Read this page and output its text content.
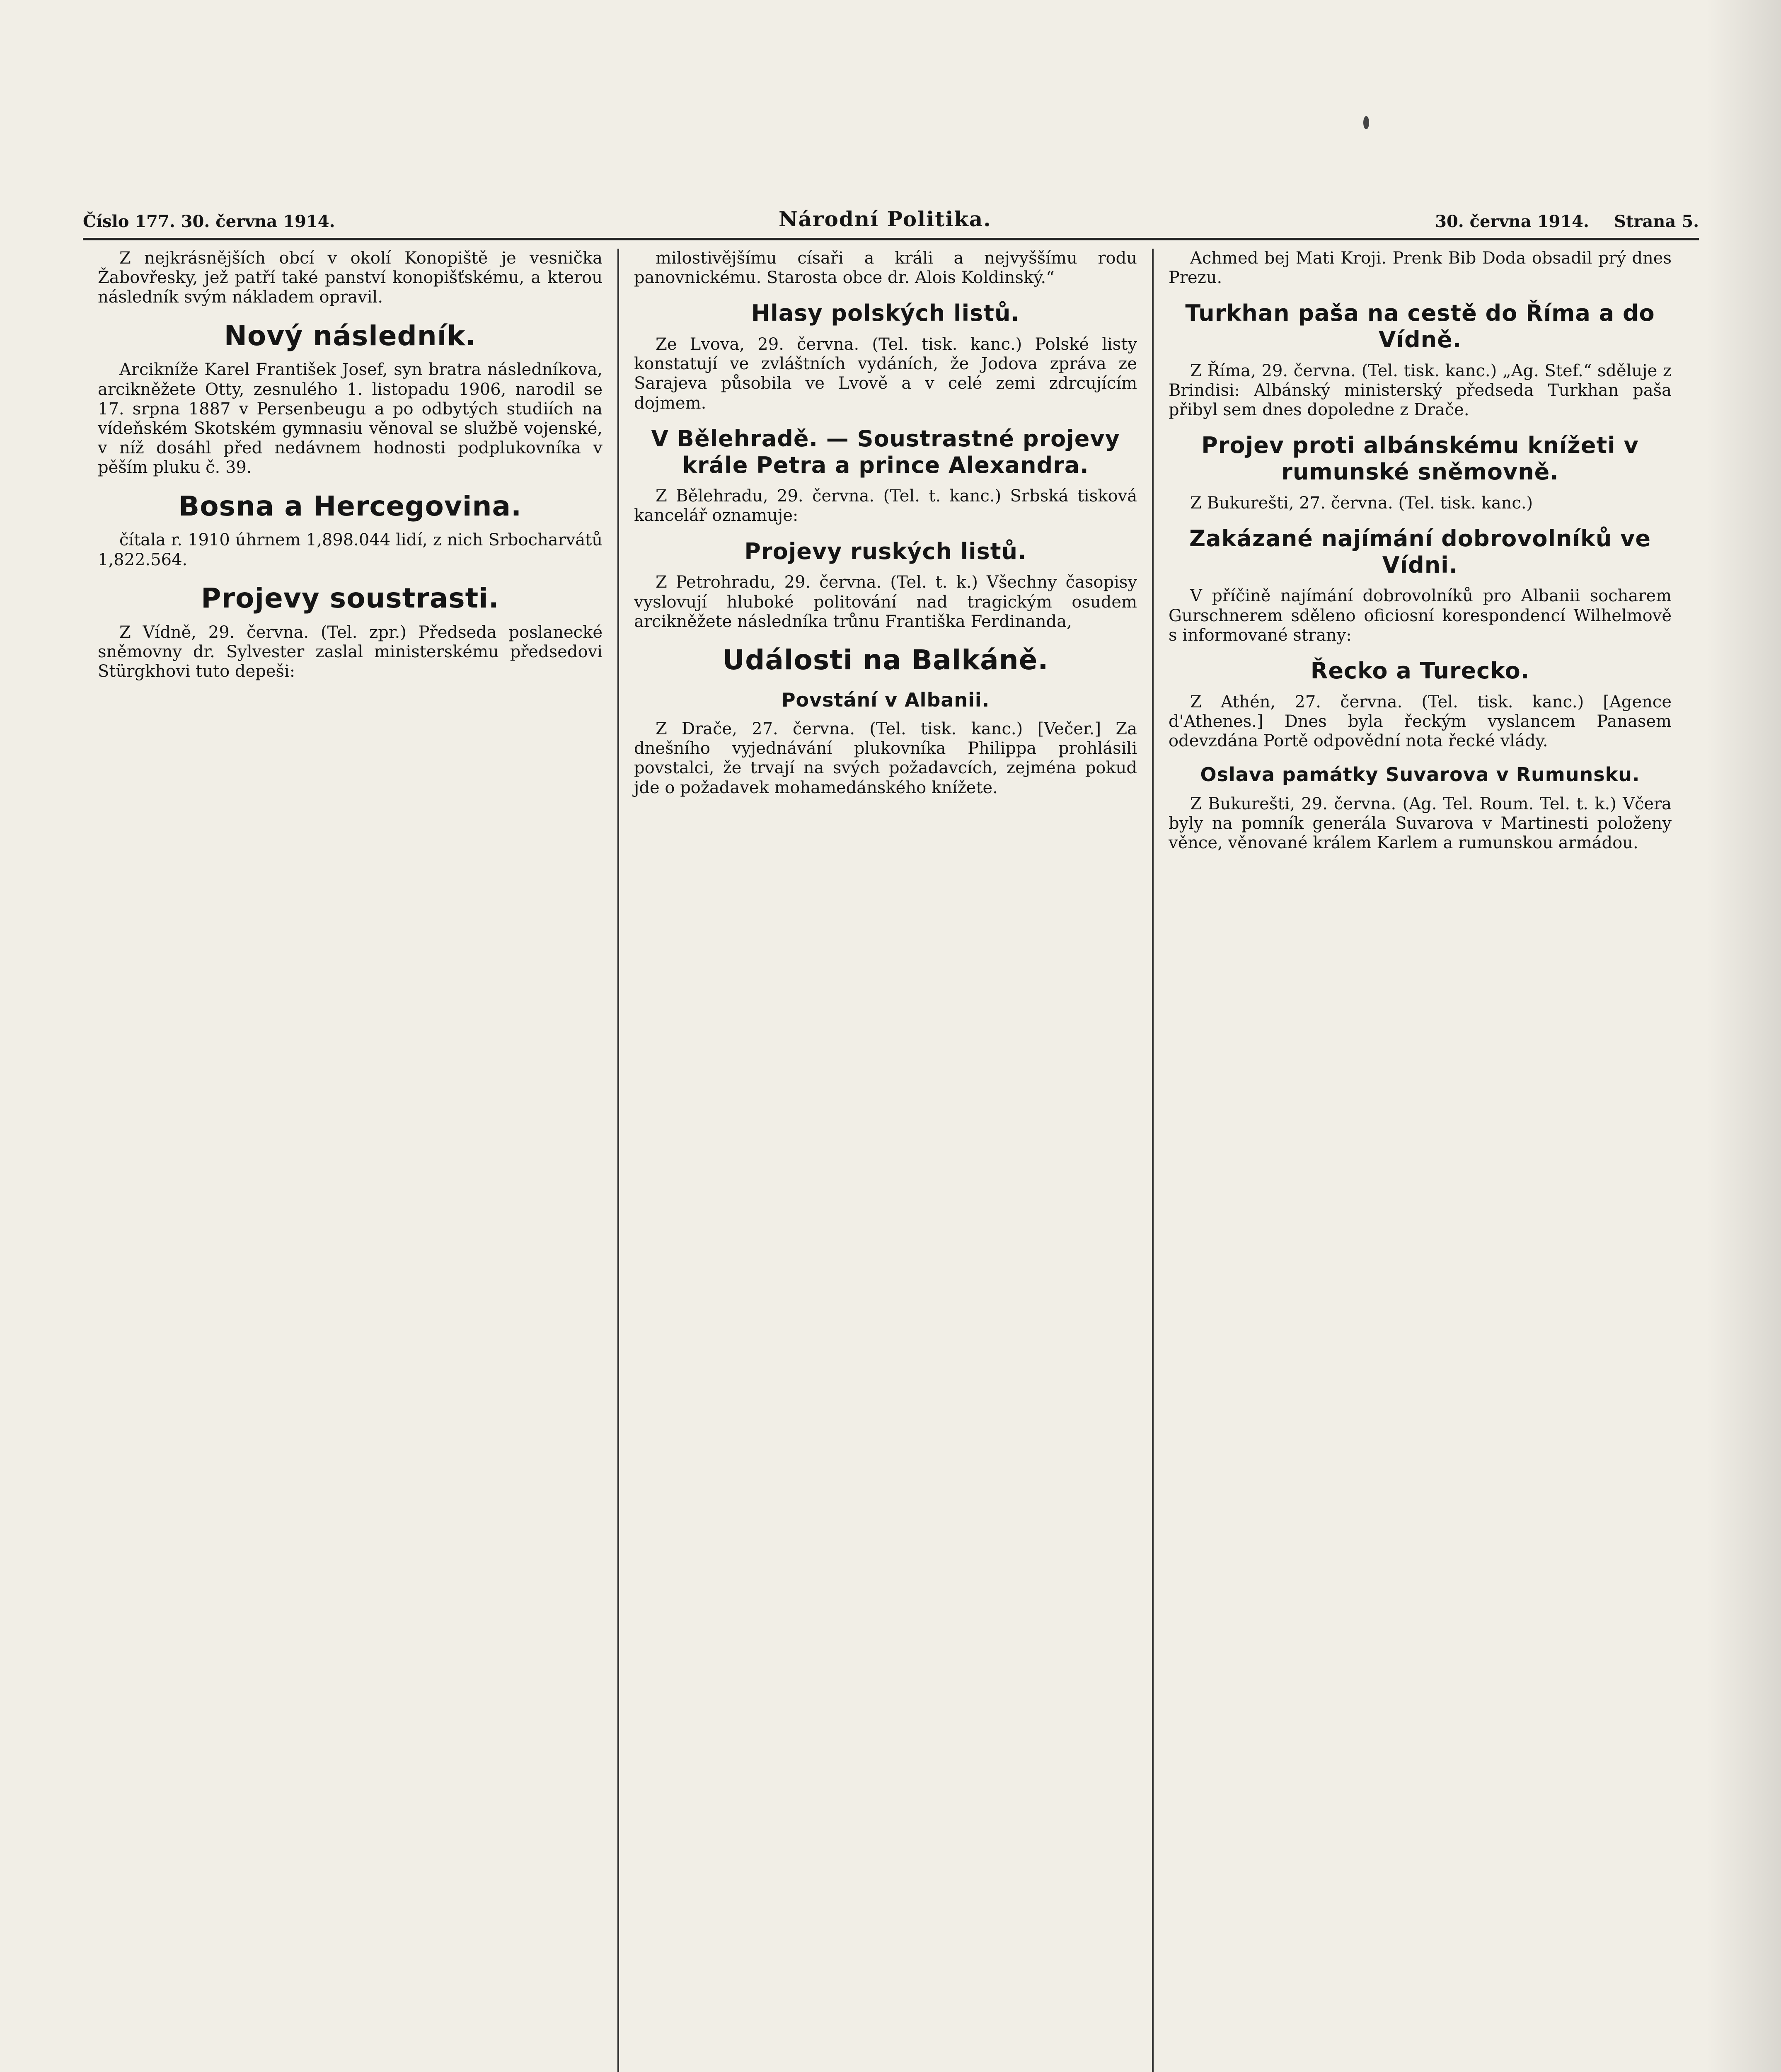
Číslo 177. 30. června 1914.	Národní Politika.	30. června 1914. Strana 5.

Z nejkrásnějších obcí v okolí Konopiště je vesnička Žabovřesky, jež patří také panství konopišťskému, a kterou následník svým nákladem opravil.

Nový následník.

Arcikníže Karel František Josef, syn bratra následníkova, arcikněžete Otty, zesnulého 1. listopadu 1906, narodil se 17. srpna 1887 v Persenbeugu a po odbytých studiích na vídeňském Skotském gymnasiu věnoval se službě vojenské, v níž dosáhl před nedávnem hodnosti podplukovníka v pěším pluku č. 39.

Bosna a Hercegovina.

čítala r. 1910 úhrnem 1,898.044 lidí, z nich Srbocharvátů 1,822.564.

Projevy soustrasti.

Z Vídně, 29. června. (Tel. zpr.) Předseda poslanecké sněmovny dr. Sylvester zaslal ministerskému předsedovi Stürgkhovi tuto depeši:

milostivějšímu císaři a králi a nejvyššímu rodu panovnickému. Starosta obce dr. Alois Koldinský.“

Hlasy polských listů.

Ze Lvova, 29. června. (Tel. tisk. kanc.) Polské listy konstatují ve zvláštních vydáních, že Jodova zpráva ze Sarajeva působila ve Lvově a v celé zemi zdrcujícím dojmem.

V Bělehradě. — Soustrastné projevy krále Petra a prince Alexandra.

Z Bělehradu, 29. června. (Tel. t. kanc.) Srbská tisková kancelář oznamuje:

Projevy ruských listů.

Z Petrohradu, 29. června. (Tel. t. k.) Všechny časopisy vyslovují hluboké politování nad tragickým osudem arcikněžete následníka trůnu Františka Ferdinanda,

Události na Balkáně.
Povstání v Albanii.

Z Drače, 27. června. (Tel. tisk. kanc.) [Večer.] Za dnešního vyjednávání plukovníka Philippa prohlásili povstalci, že trvají na svých požadavcích, zejména pokud jde o požadavek mohamedánského knížete.

Achmed bej Mati Kroji. Prenk Bib Doda obsadil prý dnes Prezu.

Turkhan paša na cestě do Říma a do Vídně.

Z Říma, 29. června. (Tel. tisk. kanc.) „Ag. Stef.“ sděluje z Brindisi: Albánský ministerský předseda Turkhan paša přibyl sem dnes dopoledne z Drače.

Projev proti albánskému knížeti v rumunské sněmovně.

Z Bukurešti, 27. června. (Tel. tisk. kanc.)

Zakázané najímání dobrovolníků ve Vídni.

V příčině najímání dobrovolníků pro Albanii socharem Gurschnerem sděleno oficiosní korespondencí Wilhelmově s informované strany:

Řecko a Turecko.

Z Athén, 27. června. (Tel. tisk. kanc.) [Agence d'Athenes.] Dnes byla řeckým vyslancem Panasem odevzdána Portě odpovědní nota řecké vlády.

Oslava památky Suvarova v Rumunsku.

Z Bukurešti, 29. června. (Ag. Tel. Roum. Tel. t. k.) Včera byly na pomník generála Suvarova v Martinesti položeny věnce, věnované králem Karlem a rumunskou armádou.
